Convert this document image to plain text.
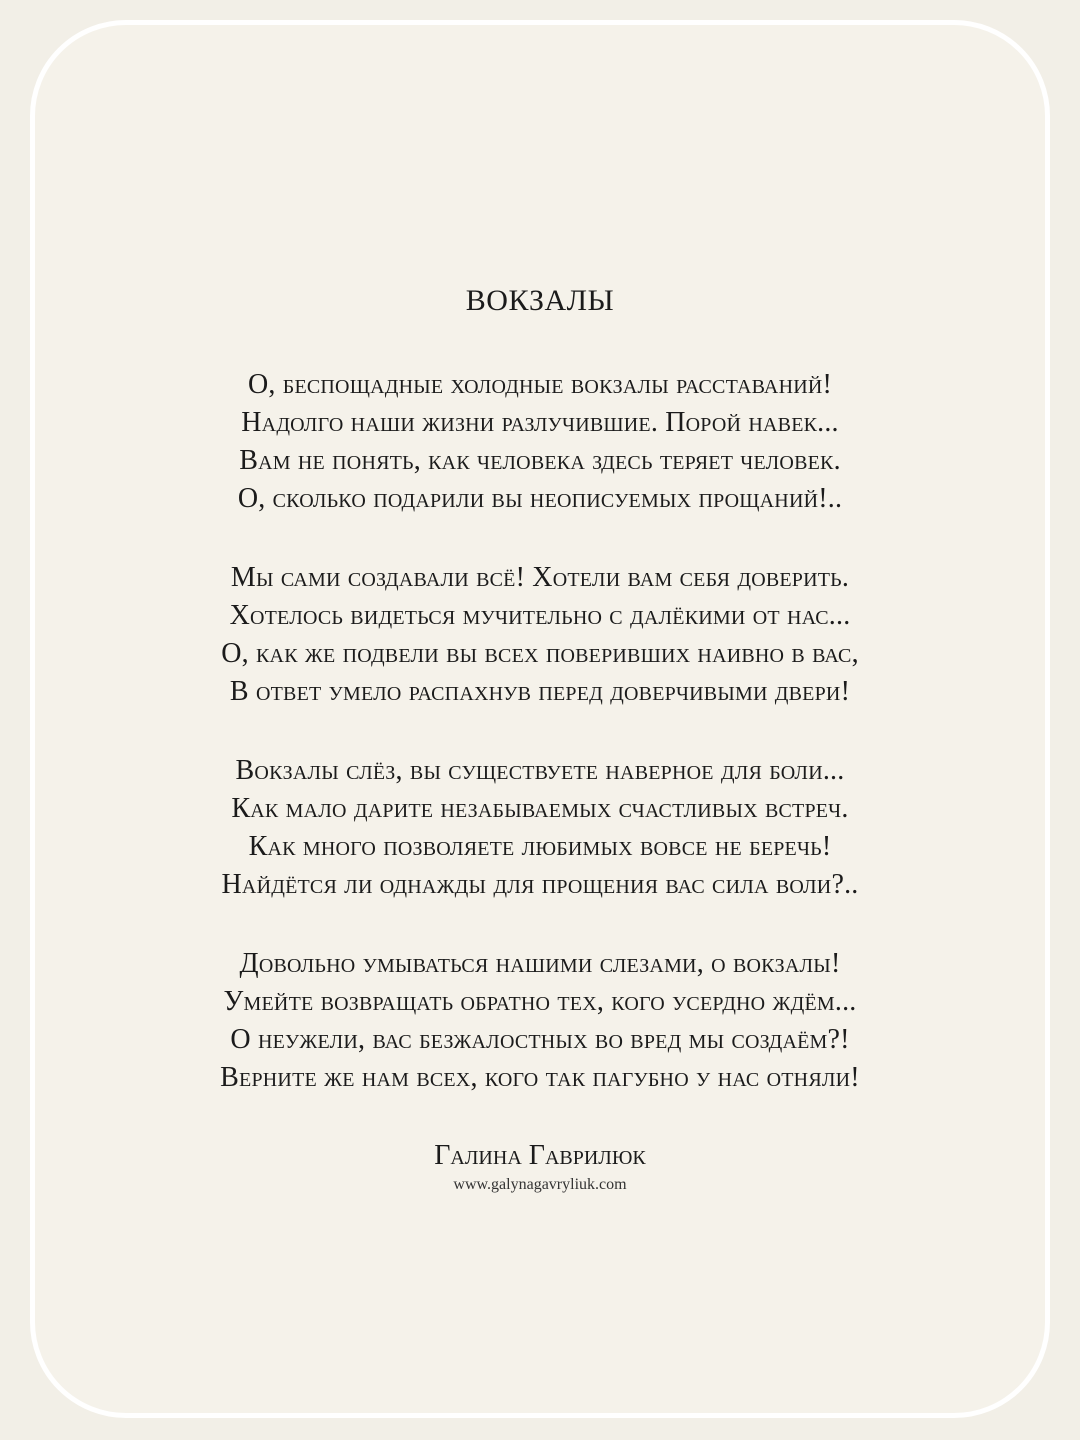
ВОКЗАЛЫ
О, беспощадные холодные вокзалы расставаний!
Надолго наши жизни разлучившие. Порой навек...
Вам не понять, как человека здесь теряет человек.
О, сколько подарили вы неописуемых прощаний!..
Мы сами создавали всё! Хотели вам себя доверить.
Хотелось видеться мучительно с далёкими от нас...
О, как же подвели вы всех поверивших наивно в вас,
В ответ умело распахнув перед доверчивыми двери!
Вокзалы слёз, вы существуете наверное для боли...
Как мало дарите незабываемых счастливых встреч.
Как много позволяете любимых вовсе не беречь!
Найдётся ли однажды для прощения вас сила воли?..
Довольно умываться нашими слезами, о вокзалы!
Умейте возвращать обратно тех, кого усердно ждём...
О неужели, вас безжалостных во вред мы создаём?!
Верните же нам всех, кого так пагубно у нас отняли!
Галина Гаврилюк
www.galynagavryliuk.com
